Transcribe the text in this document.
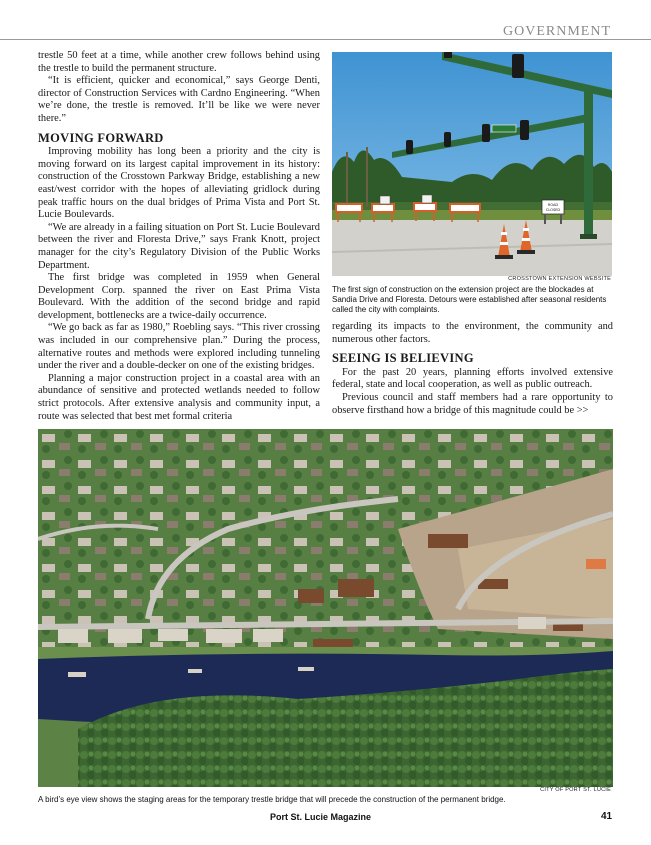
GOVERNMENT

trestle 50 feet at a time, while another crew follows behind using the trestle to build the permanent structure.

“It is efficient, quicker and economical,” says George Denti, director of Construction Services with Cardno Engineering. “When we’re done, the trestle is removed. It’ll be like we were never there.”

MOVING FORWARD

Improving mobility has long been a priority and the city is moving forward on its largest capital improvement in its history: construction of the Crosstown Parkway Bridge, establishing a new east/west corridor with the hopes of alleviating gridlock during peak traffic hours on the dual bridges of Prima Vista and Port St. Lucie Boulevards.

“We are already in a failing situation on Port St. Lucie Boulevard between the river and Floresta Drive,” says Frank Knott, project manager for the city’s Regulatory Division of the Public Works Department.

The first bridge was completed in 1959 when General Development Corp. spanned the river on East Prima Vista Boulevard. With the addition of the second bridge and rapid development, bottlenecks are a twice-daily occurrence.

“We go back as far as 1980,” Roebling says. “This river crossing was included in our comprehensive plan.” During the process, alternative routes and methods were explored including tunneling under the river and a double-decker on one of the existing bridges.

Planning a major construction project in a coastal area with an abundance of sensitive and protected wetlands needed to follow strict protocols. After extensive analysis and community input, a route was selected that best met formal criteria

ROAD
CLOSED
CROSSTOWN EXTENSION WEBSITE
The first sign of construction on the extension project are the blockades at Sandia Drive and Floresta. Detours were established after seasonal residents called the city with complaints.

regarding its impacts to the environment, the community and numerous other factors.

SEEING IS BELIEVING

For the past 20 years, planning efforts involved extensive federal, state and local cooperation, as well as public outreach.

Previous council and staff members had a rare opportunity to observe firsthand how a bridge of this magnitude could be >>

CITY OF PORT ST. LUCIE
A bird’s eye view shows the staging areas for the temporary trestle bridge that will precede the construction of the permanent bridge.
Port St. Lucie Magazine	41
